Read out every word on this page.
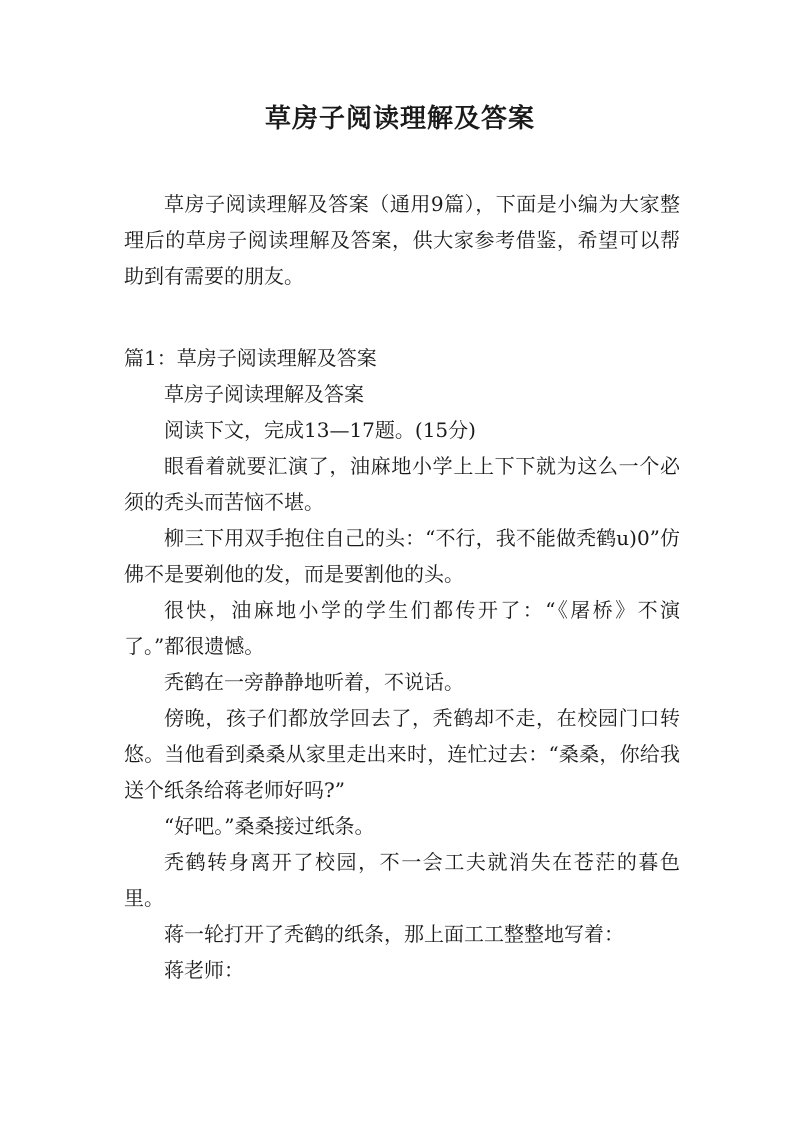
草房子阅读理解及答案

草房子阅读理解及答案（通用9篇），下面是小编为大家整理后的草房子阅读理解及答案，供大家参考借鉴，希望可以帮助到有需要的朋友。

篇1：草房子阅读理解及答案

草房子阅读理解及答案

阅读下文，完成13—17题。(15分)

眼看着就要汇演了，油麻地小学上上下下就为这么一个必须的秃头而苦恼不堪。

柳三下用双手抱住自己的头：“不行，我不能做秃鹤u)0”仿佛不是要剃他的发，而是要割他的头。

很快，油麻地小学的学生们都传开了：“《屠桥》不演了。”都很遗憾。

秃鹤在一旁静静地听着，不说话。

傍晚，孩子们都放学回去了，秃鹤却不走，在校园门口转悠。当他看到桑桑从家里走出来时，连忙过去：“桑桑，你给我送个纸条给蒋老师好吗?”

“好吧。”桑桑接过纸条。

秃鹤转身离开了校园，不一会工夫就消失在苍茫的暮色里。

蒋一轮打开了秃鹤的纸条，那上面工工整整地写着：

蒋老师：
